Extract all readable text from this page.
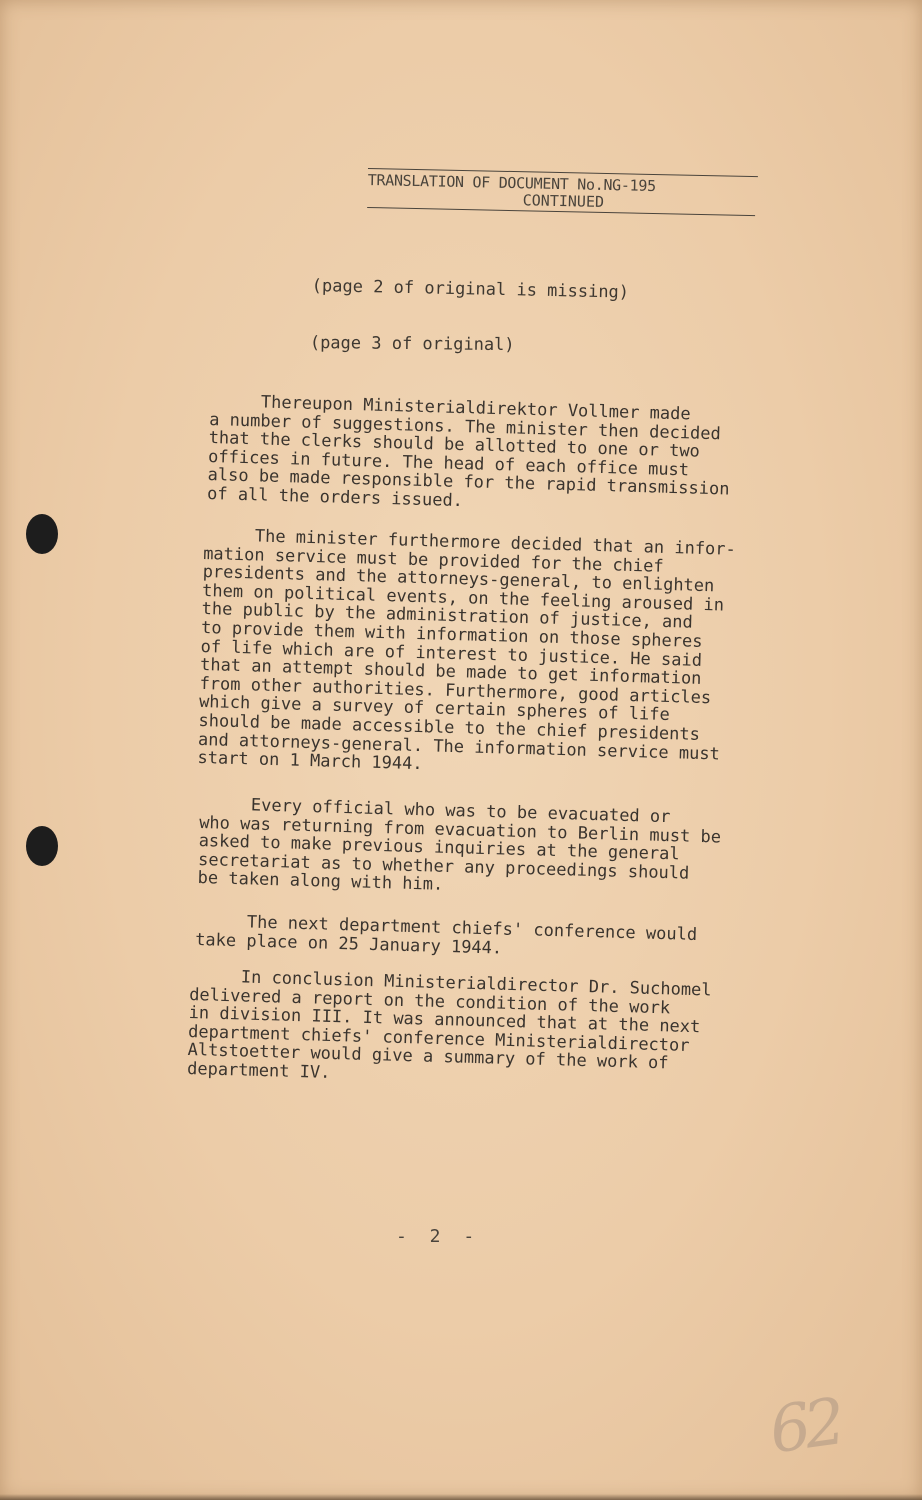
TRANSLATION OF DOCUMENT No.NG-195
CONTINUED
(page 2 of original is missing)
(page 3 of original)
Thereupon Ministerialdirektor Vollmer made
a number of suggestions. The minister then decided
that the clerks should be allotted to one or two
offices in future. The head of each office must
also be made responsible for the rapid transmission
of all the orders issued.
The minister furthermore decided that an infor-
mation service must be provided for the chief
presidents and the attorneys-general, to enlighten
them on political events, on the feeling aroused in
the public by the administration of justice, and
to provide them with information on those spheres
of life which are of interest to justice. He said
that an attempt should be made to get information
from other authorities. Furthermore, good articles
which give a survey of certain spheres of life
should be made accessible to the chief presidents
and attorneys-general. The information service must
start on 1 March 1944.
Every official who was to be evacuated or
who was returning from evacuation to Berlin must be
asked to make previous inquiries at the general
secretariat as to whether any proceedings should
be taken along with him.
The next department chiefs' conference would
take place on 25 January 1944.
In conclusion Ministerialdirector Dr. Suchomel
delivered a report on the condition of the work
in division III. It was announced that at the next
department chiefs' conference Ministerialdirector
Altstoetter would give a summary of the work of
department IV.
- 2 -
62
